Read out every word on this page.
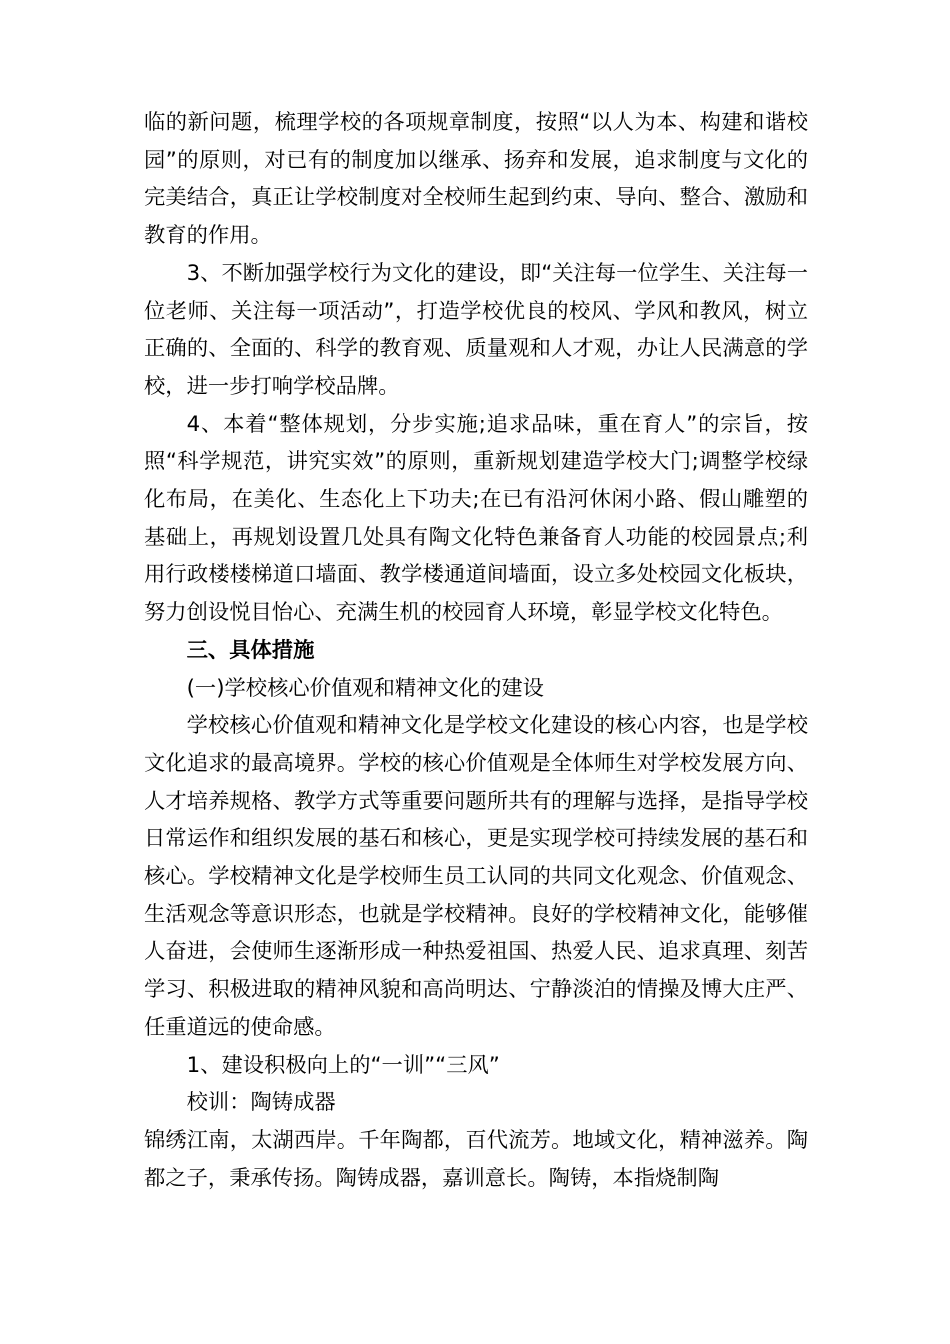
临的新问题，梳理学校的各项规章制度，按照“以人为本、构建和谐校园”的原则，对已有的制度加以继承、扬弃和发展，追求制度与文化的完美结合，真正让学校制度对全校师生起到约束、导向、整合、激励和教育的作用。

3、不断加强学校行为文化的建设，即“关注每一位学生、关注每一位老师、关注每一项活动”，打造学校优良的校风、学风和教风，树立正确的、全面的、科学的教育观、质量观和人才观，办让人民满意的学校，进一步打响学校品牌。

4、本着“整体规划，分步实施;追求品味，重在育人”的宗旨，按照“科学规范，讲究实效”的原则，重新规划建造学校大门;调整学校绿化布局，在美化、生态化上下功夫;在已有沿河休闲小路、假山雕塑的基础上，再规划设置几处具有陶文化特色兼备育人功能的校园景点;利用行政楼楼梯道口墙面、教学楼通道间墙面，设立多处校园文化板块，努力创设悦目怡心、充满生机的校园育人环境，彰显学校文化特色。

三、具体措施

(一)学校核心价值观和精神文化的建设

学校核心价值观和精神文化是学校文化建设的核心内容，也是学校文化追求的最高境界。学校的核心价值观是全体师生对学校发展方向、人才培养规格、教学方式等重要问题所共有的理解与选择，是指导学校日常运作和组织发展的基石和核心，更是实现学校可持续发展的基石和核心。学校精神文化是学校师生员工认同的共同文化观念、价值观念、生活观念等意识形态，也就是学校精神。良好的学校精神文化，能够催人奋进，会使师生逐渐形成一种热爱祖国、热爱人民、追求真理、刻苦学习、积极进取的精神风貌和高尚明达、宁静淡泊的情操及博大庄严、任重道远的使命感。

1、建设积极向上的“一训”“三风”

校训：陶铸成器

锦绣江南，太湖西岸。千年陶都，百代流芳。地域文化，精神滋养。陶都之子，秉承传扬。陶铸成器，嘉训意长。陶铸，本指烧制陶
